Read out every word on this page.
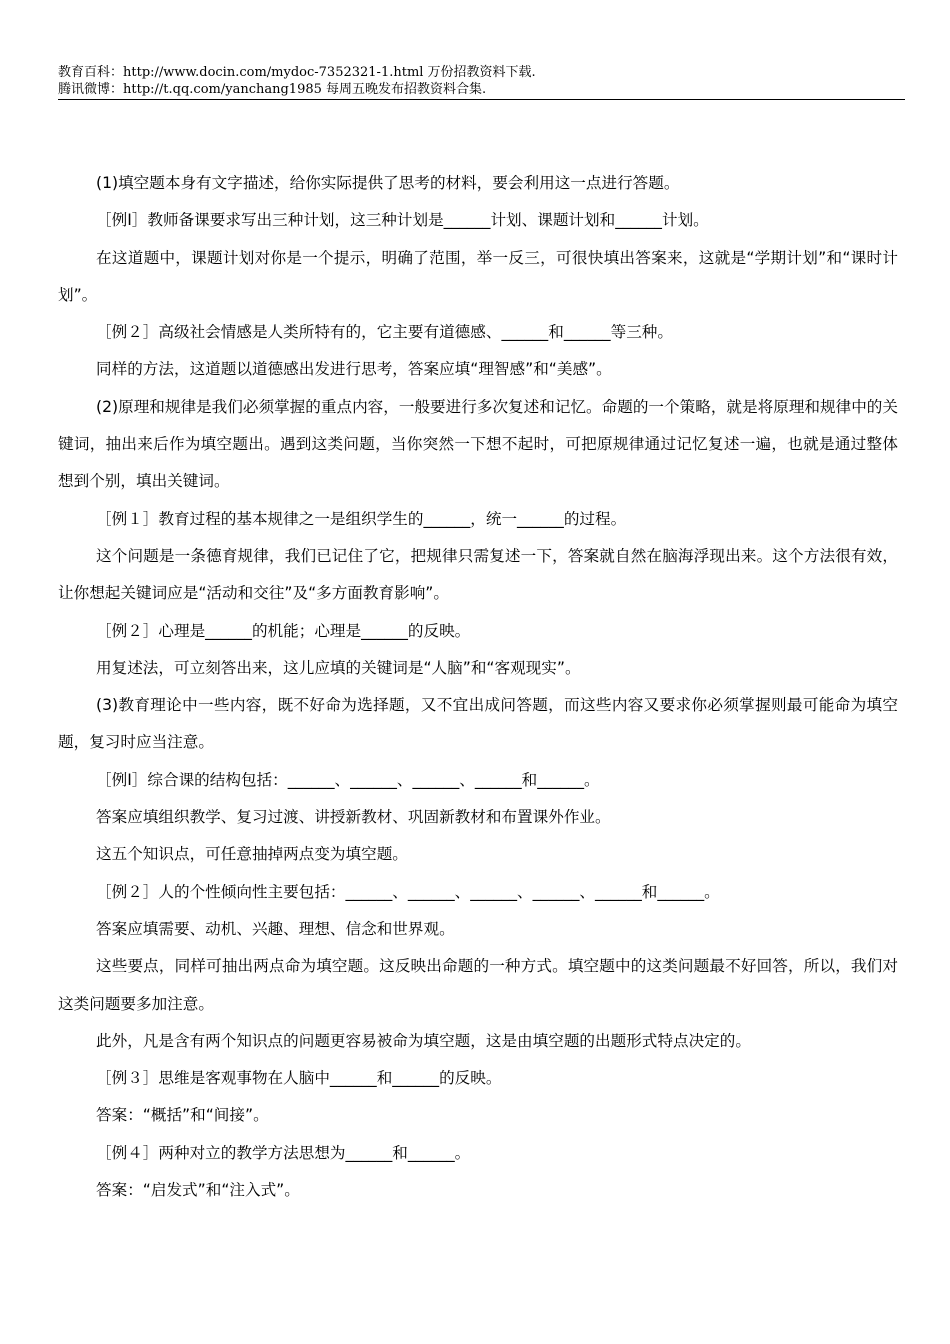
教育百科：http://www.docin.com/mydoc-7352321-1.html 万份招教资料下载.
腾讯微博：http://t.qq.com/yanchang1985 每周五晚发布招教资料合集.

(1)填空题本身有文字描述，给你实际提供了思考的材料，要会利用这一点进行答题。

［例Ⅰ］教师备课要求写出三种计划，这三种计划是______计划、课题计划和______计划。

在这道题中，课题计划对你是一个提示，明确了范围，举一反三，可很快填出答案来，这就是“学期计划”和“课时计划”。

［例２］高级社会情感是人类所特有的，它主要有道德感、______和______等三种。

同样的方法，这道题以道德感出发进行思考，答案应填“理智感”和“美感”。

(2)原理和规律是我们必须掌握的重点内容，一般要进行多次复述和记忆。命题的一个策略，就是将原理和规律中的关键词，抽出来后作为填空题出。遇到这类问题，当你突然一下想不起时，可把原规律通过记忆复述一遍，也就是通过整体想到个别，填出关键词。

［例１］教育过程的基本规律之一是组织学生的______，统一______的过程。

这个问题是一条德育规律，我们已记住了它，把规律只需复述一下，答案就自然在脑海浮现出来。这个方法很有效，让你想起关键词应是“活动和交往”及“多方面教育影响”。

［例２］心理是______的机能；心理是______的反映。

用复述法，可立刻答出来，这儿应填的关键词是“人脑”和“客观现实”。

(3)教育理论中一些内容，既不好命为选择题，又不宜出成问答题，而这些内容又要求你必须掌握则最可能命为填空题，复习时应当注意。

［例Ⅰ］综合课的结构包括：______、______、______、______和______。

答案应填组织教学、复习过渡、讲授新教材、巩固新教材和布置课外作业。

这五个知识点，可任意抽掉两点变为填空题。

［例２］人的个性倾向性主要包括：______、______、______、______、______和______。

答案应填需要、动机、兴趣、理想、信念和世界观。

这些要点，同样可抽出两点命为填空题。这反映出命题的一种方式。填空题中的这类问题最不好回答，所以，我们对这类问题要多加注意。

此外，凡是含有两个知识点的问题更容易被命为填空题，这是由填空题的出题形式特点决定的。

［例３］思维是客观事物在人脑中______和______的反映。

答案：“概括”和“间接”。

［例４］两种对立的教学方法思想为______和______。

答案：“启发式”和“注入式”。
